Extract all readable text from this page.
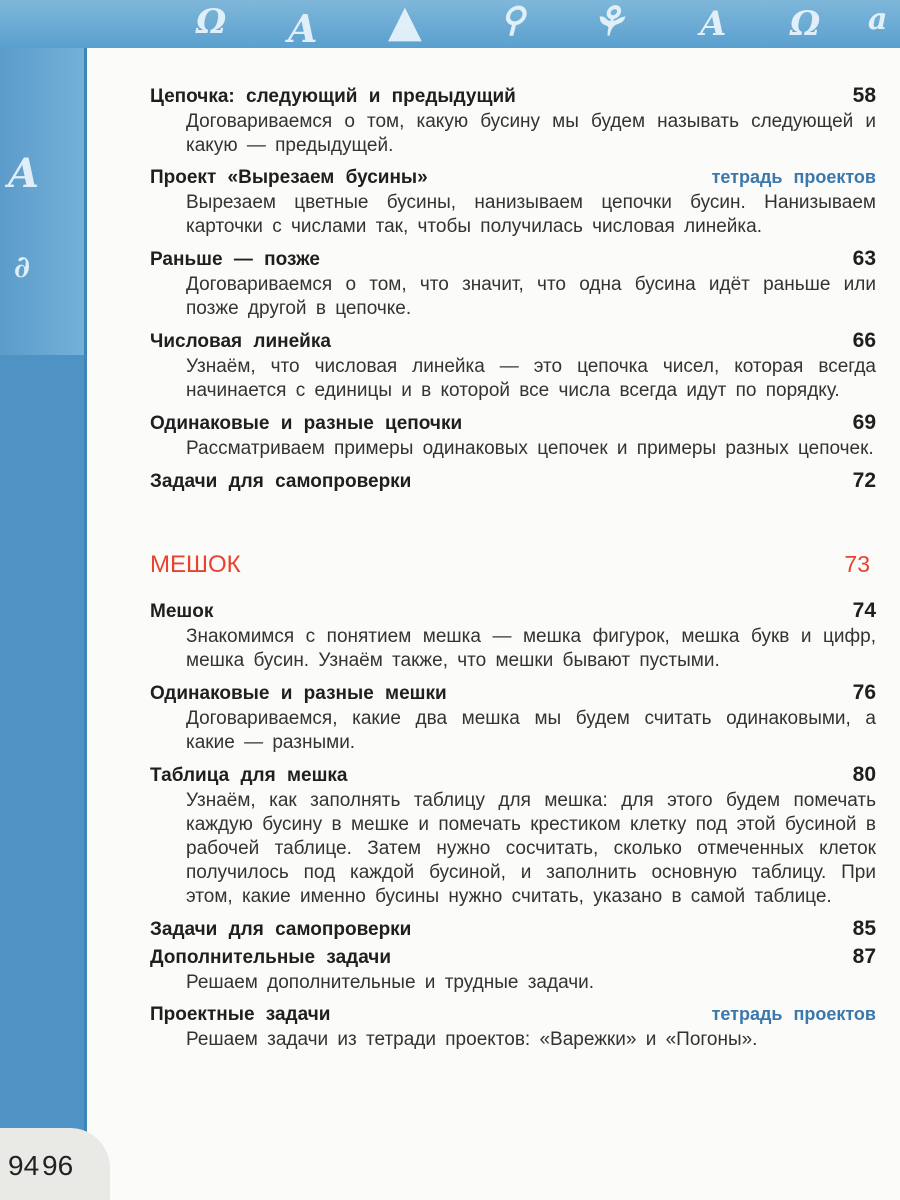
A
∂
Ω A ▲ ⚲ ⚘ A Ω a
94 96
Цепочка: следующий и предыдущий	58
Договариваемся о том, какую бусину мы будем называть следующей и какую — предыдущей.
Проект «Вырезаем бусины»	тетрадь проектов
Вырезаем цветные бусины, нанизываем цепочки бусин. Нанизываем карточки с числами так, чтобы получилась числовая линейка.
Раньше — позже	63
Договариваемся о том, что значит, что одна бусина идёт раньше или позже другой в цепочке.
Числовая линейка	66
Узнаём, что числовая линейка — это цепочка чисел, которая всегда начинается с единицы и в которой все числа всегда идут по порядку.
Одинаковые и разные цепочки	69
Рассматриваем примеры одинаковых цепочек и примеры разных цепочек.
Задачи для самопроверки	72
МЕШОК	73
Мешок	74
Знакомимся с понятием мешка — мешка фигурок, мешка букв и цифр, мешка бусин. Узнаём также, что мешки бывают пустыми.
Одинаковые и разные мешки	76
Договариваемся, какие два мешка мы будем считать одинаковыми, а какие — разными.
Таблица для мешка	80
Узнаём, как заполнять таблицу для мешка: для этого будем помечать каждую бусину в мешке и помечать крестиком клетку под этой бусиной в рабочей таблице. Затем нужно сосчитать, сколько отмеченных клеток получилось под каждой бусиной, и заполнить основную таблицу. При этом, какие именно бусины нужно считать, указано в самой таблице.
Задачи для самопроверки	85
Дополнительные задачи	87
Решаем дополнительные и трудные задачи.
Проектные задачи	тетрадь проектов
Решаем задачи из тетради проектов: «Варежки» и «Погоны».
